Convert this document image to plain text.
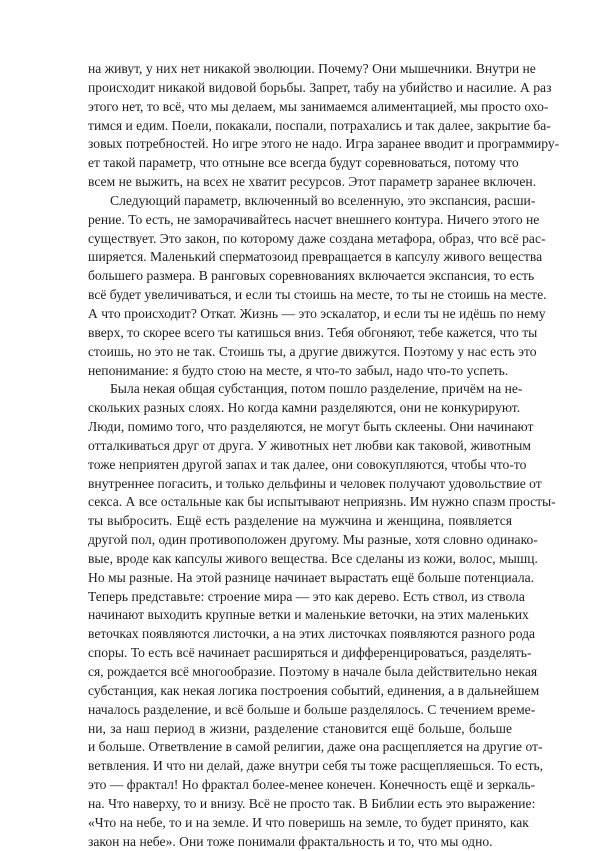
на живут, у них нет никакой эволюции. Почему? Они мышечники. Внутри не
происходит никакой видовой борьбы. Запрет, табу на убийство и насилие. А раз
этого нет, то всё, что мы делаем, мы занимаемся алиментацией, мы просто охо-
тимся и едим. Поели, покакали, поспали, потрахались и так далее, закрытие ба-
зовых потребностей. Но игре этого не надо. Игра заранее вводит и программиру-
ет такой параметр, что отныне все всегда будут соревноваться, потому что
всем не выжить, на всех не хватит ресурсов. Этот параметр заранее включен.
Следующий параметр, включенный во вселенную, это экспансия, расши-
рение. То есть, не заморачивайтесь насчет внешнего контура. Ничего этого не
существует. Это закон, по которому даже создана метафора, образ, что всё рас-
ширяется. Маленький сперматозоид превращается в капсулу живого вещества
большего размера. В ранговых соревнованиях включается экспансия, то есть
всё будет увеличиваться, и если ты стоишь на месте, то ты не стоишь на месте.
А что происходит? Откат. Жизнь — это эскалатор, и если ты не идёшь по нему
вверх, то скорее всего ты катишься вниз. Тебя обгоняют, тебе кажется, что ты
стоишь, но это не так. Стоишь ты, а другие движутся. Поэтому у нас есть это
непонимание: я будто стою на месте, я что-то забыл, надо что-то успеть.
Была некая общая субстанция, потом пошло разделение, причём на не-
скольких разных слоях. Но когда камни разделяются, они не конкурируют.
Люди, помимо того, что разделяются, не могут быть склеены. Они начинают
отталкиваться друг от друга. У животных нет любви как таковой, животным
тоже неприятен другой запах и так далее, они совокупляются, чтобы что-то
внутреннее погасить, и только дельфины и человек получают удовольствие от
секса. А все остальные как бы испытывают неприязнь. Им нужно спазм просты-
ты выбросить. Ещё есть разделение на мужчина и женщина, появляется
другой пол, один противоположен другому. Мы разные, хотя словно одинако-
вые, вроде как капсулы живого вещества. Все сделаны из кожи, волос, мышц.
Но мы разные. На этой разнице начинает вырастать ещё больше потенциала.
Теперь представьте: строение мира — это как дерево. Есть ствол, из ствола
начинают выходить крупные ветки и маленькие веточки, на этих маленьких
веточках появляются листочки, а на этих листочках появляются разного рода
споры. То есть всё начинает расширяться и дифференцироваться, разделять-
ся, рождается всё многообразие. Поэтому в начале была действительно некая
субстанция, как некая логика построения событий, единения, а в дальнейшем
началось разделение, и всё больше и больше разделялось. С течением време-
ни, за наш период в жизни, разделение становится ещё больше, больше
и больше. Ответвление в самой религии, даже она расщепляется на другие от-
ветвления. И что ни делай, даже внутри себя ты тоже расщепляешься. То есть,
это — фрактал! Но фрактал более-менее конечен. Конечность ещё и зеркаль-
на. Что наверху, то и внизу. Всё не просто так. В Библии есть это выражение:
«Что на небе, то и на земле. И что поверишь на земле, то будет принято, как
закон на небе». Они тоже понимали фрактальность и то, что мы одно.
